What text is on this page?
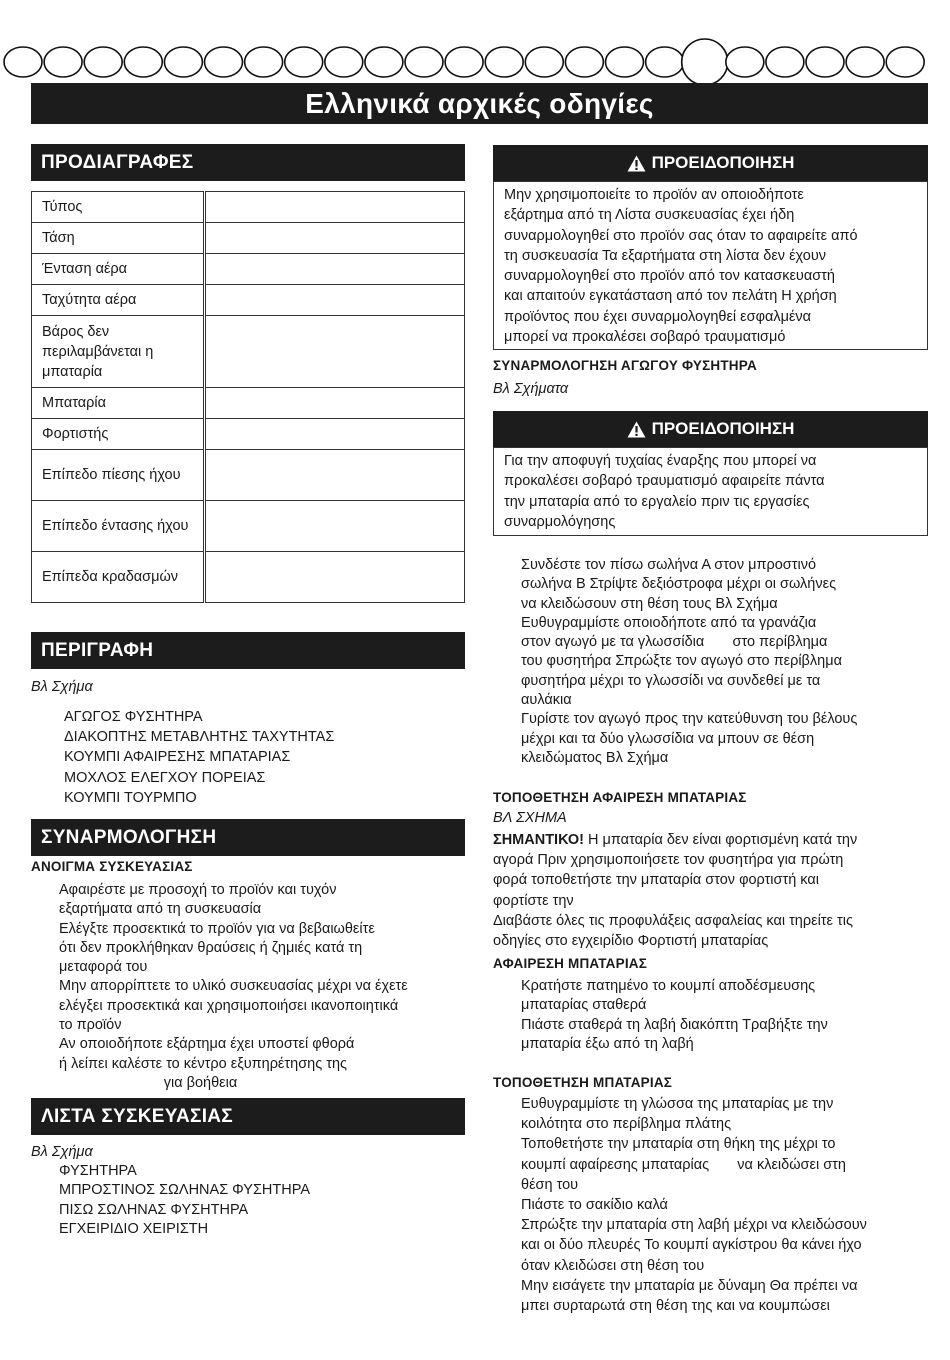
Ελληνικά αρχικές οδηγίες
ΠΡΟΔΙΑΓΡΑΦΕΣ
Τύπος	
Τάση	
Ένταση αέρα	
Ταχύτητα αέρα	
Βάρος δεν περιλαμβάνεται η μπαταρία	
Μπαταρία	
Φορτιστής	
Επίπεδο πίεσης ήχου	
Επίπεδο έντασης ήχου	
Επίπεδα κραδασμών	
ΠΕΡΙΓΡΑΦΗ
Βλ Σχήμα
ΑΓΩΓΟΣ ΦΥΣΗΤΗΡΑ
ΔΙΑΚΟΠΤΗΣ ΜΕΤΑΒΛΗΤΗΣ ΤΑΧΥΤΗΤΑΣ
ΚΟΥΜΠΙ ΑΦΑΙΡΕΣΗΣ ΜΠΑΤΑΡΙΑΣ
ΜΟΧΛΟΣ ΕΛΕΓΧΟΥ ΠΟΡΕΙΑΣ
ΚΟΥΜΠΙ ΤΟΥΡΜΠΟ
ΣΥΝΑΡΜΟΛΟΓΗΣΗ
ΑΝΟΙΓΜΑ ΣΥΣΚΕΥΑΣΙΑΣ
Αφαιρέστε με προσοχή το προϊόν και τυχόν
εξαρτήματα από τη συσκευασία
Ελέγξτε προσεκτικά το προϊόν για να βεβαιωθείτε
ότι δεν προκλήθηκαν θραύσεις ή ζημιές κατά τη
μεταφορά του
Μην απορρίπτετε το υλικό συσκευασίας μέχρι να έχετε
ελέγξει προσεκτικά και χρησιμοποιήσει ικανοποιητικά
το προϊόν
Αν οποιοδήποτε εξάρτημα έχει υποστεί φθορά
ή λείπει καλέστε το κέντρο εξυπηρέτησης της
για βοήθεια
ΛΙΣΤΑ ΣΥΣΚΕΥΑΣΙΑΣ
Βλ Σχήμα
ΦΥΣΗΤΗΡΑ
ΜΠΡΟΣΤΙΝΟΣ ΣΩΛΗΝΑΣ ΦΥΣΗΤΗΡΑ
ΠΙΣΩ ΣΩΛΗΝΑΣ ΦΥΣΗΤΗΡΑ
ΕΓΧΕΙΡΙΔΙΟ ΧΕΙΡΙΣΤΗ
ΠΡΟΕΙΔΟΠΟΙΗΣΗ
Μην χρησιμοποιείτε το προϊόν αν οποιοδήποτε
εξάρτημα από τη Λίστα συσκευασίας έχει ήδη
συναρμολογηθεί στο προϊόν σας όταν το αφαιρείτε από
τη συσκευασία Τα εξαρτήματα στη λίστα δεν έχουν
συναρμολογηθεί στο προϊόν από τον κατασκευαστή
και απαιτούν εγκατάσταση από τον πελάτη Η χρήση
προϊόντος που έχει συναρμολογηθεί εσφαλμένα
μπορεί να προκαλέσει σοβαρό τραυματισμό
ΣΥΝΑΡΜΟΛΟΓΗΣΗ ΑΓΩΓΟΥ ΦΥΣΗΤΗΡΑ
Βλ Σχήματα
ΠΡΟΕΙΔΟΠΟΙΗΣΗ
Για την αποφυγή τυχαίας έναρξης που μπορεί να
προκαλέσει σοβαρό τραυματισμό αφαιρείτε πάντα
την μπαταρία από το εργαλείο πριν τις εργασίες
συναρμολόγησης
Συνδέστε τον πίσω σωλήνα Α στον μπροστινό
σωλήνα Β Στρίψτε δεξιόστροφα μέχρι οι σωλήνες
να κλειδώσουν στη θέση τους Βλ Σχήμα
Ευθυγραμμίστε οποιοδήποτε από τα γρανάζια
στον αγωγό με τα γλωσσίδια       στο περίβλημα
του φυσητήρα Σπρώξτε τον αγωγό στο περίβλημα
φυσητήρα μέχρι το γλωσσίδι να συνδεθεί με τα
αυλάκια
Γυρίστε τον αγωγό προς την κατεύθυνση του βέλους
μέχρι και τα δύο γλωσσίδια να μπουν σε θέση
κλειδώματος Βλ Σχήμα
ΤΟΠΟΘΕΤΗΣΗ ΑΦΑΙΡΕΣΗ ΜΠΑΤΑΡΙΑΣ
ΒΛ ΣΧΗΜΑ
ΣΗΜΑΝΤΙΚΟ! Η μπαταρία δεν είναι φορτισμένη κατά την
αγορά Πριν χρησιμοποιήσετε τον φυσητήρα για πρώτη
φορά τοποθετήστε την μπαταρία στον φορτιστή και
φορτίστε την
Διαβάστε όλες τις προφυλάξεις ασφαλείας και τηρείτε τις
οδηγίες στο εγχειρίδιο Φορτιστή μπαταρίας
ΑΦΑΙΡΕΣΗ ΜΠΑΤΑΡΙΑΣ
Κρατήστε πατημένο το κουμπί αποδέσμευσης
μπαταρίας σταθερά
Πιάστε σταθερά τη λαβή διακόπτη Τραβήξτε την
μπαταρία έξω από τη λαβή
ΤΟΠΟΘΕΤΗΣΗ ΜΠΑΤΑΡΙΑΣ
Ευθυγραμμίστε τη γλώσσα της μπαταρίας με την
κοιλότητα στο περίβλημα πλάτης
Τοποθετήστε την μπαταρία στη θήκη της μέχρι το
κουμπί αφαίρεσης μπαταρίας       να κλειδώσει στη
θέση του
Πιάστε το σακίδιο καλά
Σπρώξτε την μπαταρία στη λαβή μέχρι να κλειδώσουν
και οι δύο πλευρές Το κουμπί αγκίστρου θα κάνει ήχο
όταν κλειδώσει στη θέση του
Μην εισάγετε την μπαταρία με δύναμη Θα πρέπει να
μπει συρταρωτά στη θέση της και να κουμπώσει
